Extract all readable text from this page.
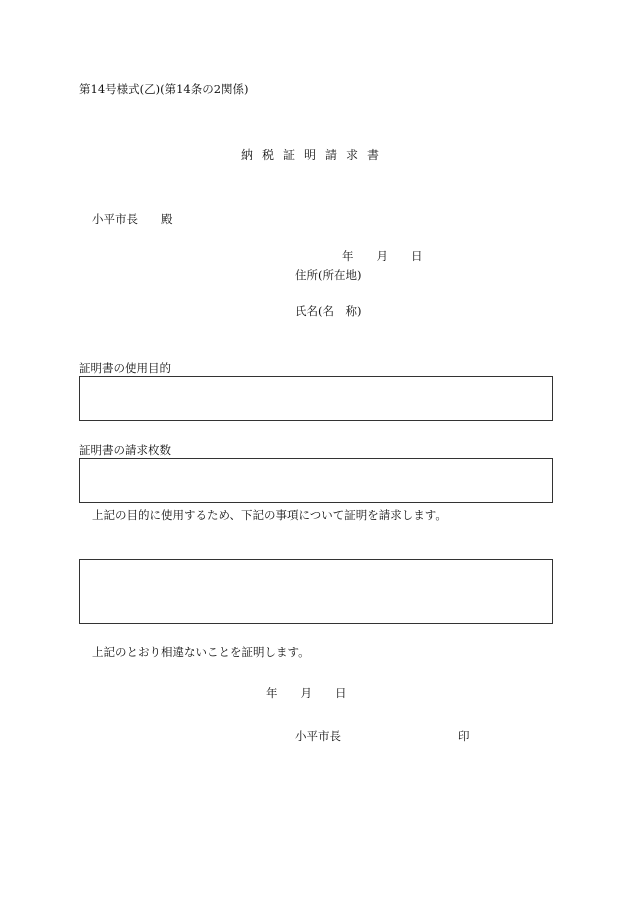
第14号様式(乙)(第14条の2関係)
納税証明請求書
小平市長　　殿
年　　月　　日
住所(所在地)
氏名(名　称)
証明書の使用目的
証明書の請求枚数
上記の目的に使用するため、下記の事項について証明を請求します。
上記のとおり相違ないことを証明します。
年　　月　　日
小平市長	印
